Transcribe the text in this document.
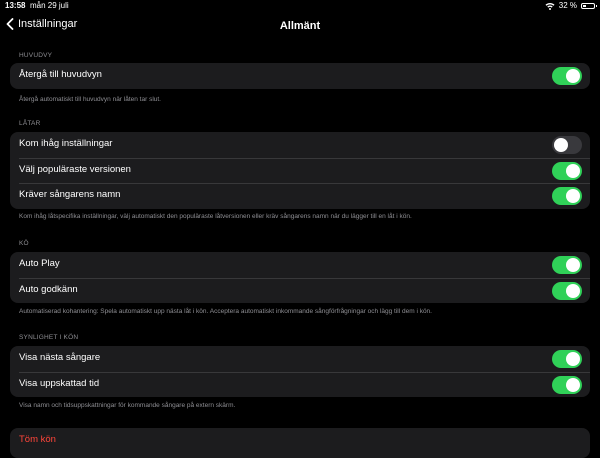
13:58 mån 29 juli	32 %
Inställningar	Allmänt
HUVUDVY
Återgå till huvudvyn
Återgå automatiskt till huvudvyn när låten tar slut.
LÅTAR
Kom ihåg inställningar
Välj populäraste versionen
Kräver sångarens namn
Kom ihåg låtspecifika inställningar, välj automatiskt den populäraste låtversionen eller kräv sångarens namn när du lägger till en låt i kön.
KÖ
Auto Play
Auto godkänn
Automatiserad kohantering: Spela automatiskt upp nästa låt i kön. Acceptera automatiskt inkommande sångförfrågningar och lägg till dem i kön.
SYNLIGHET I KÖN
Visa nästa sångare
Visa uppskattad tid
Visa namn och tidsuppskattningar för kommande sångare på extern skärm.
Töm kön
